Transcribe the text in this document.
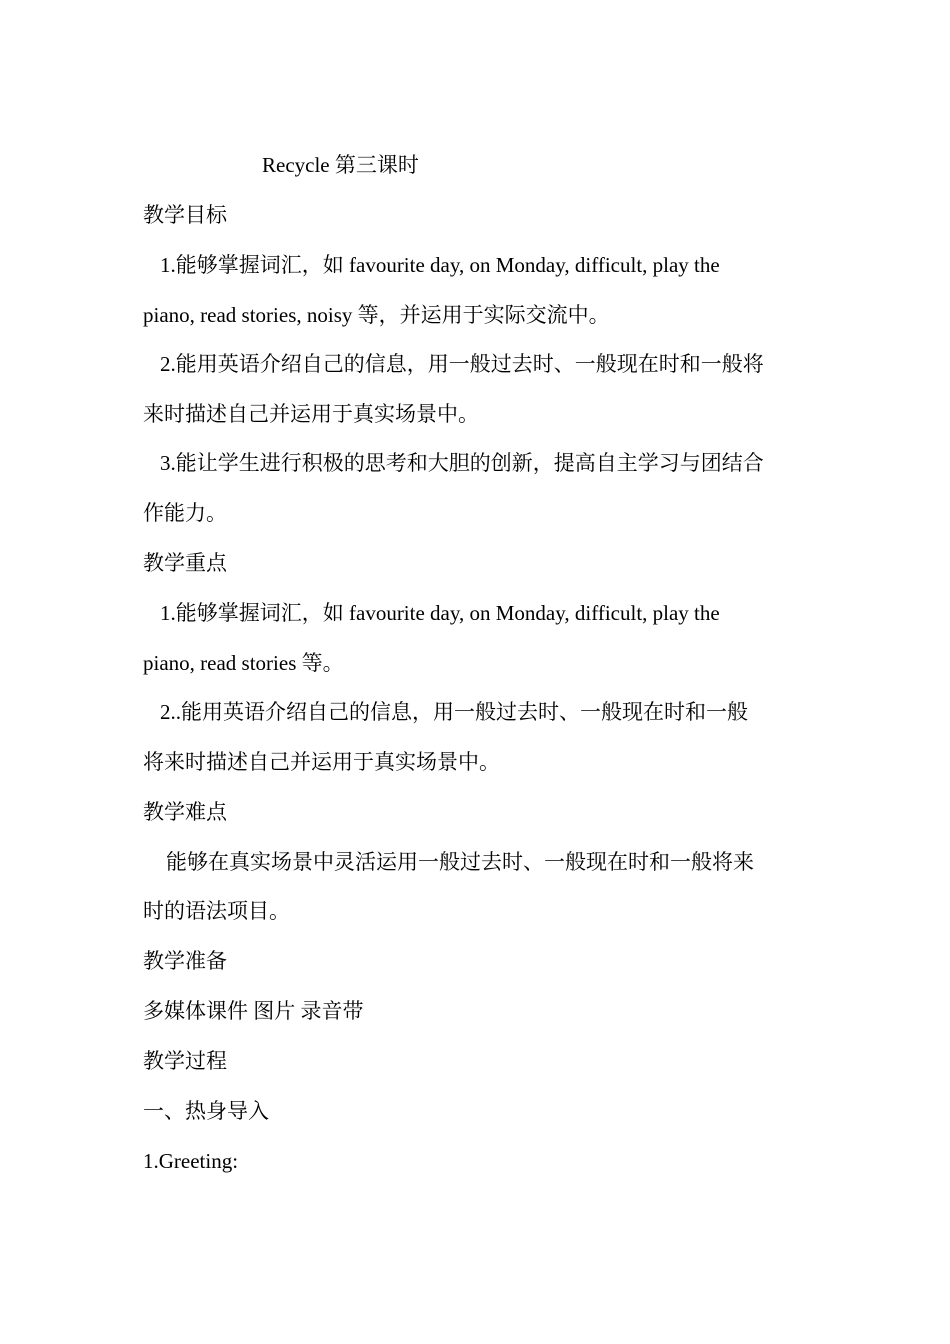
Recycle 第三课时
教学目标
1.能够掌握词汇，如 favourite day, on Monday, difficult, play the
piano, read stories, noisy 等，并运用于实际交流中。
2.能用英语介绍自己的信息，用一般过去时、一般现在时和一般将
来时描述自己并运用于真实场景中。
3.能让学生进行积极的思考和大胆的创新，提高自主学习与团结合
作能力。
教学重点
1.能够掌握词汇，如 favourite day, on Monday, difficult, play the
piano, read stories 等。
2..能用英语介绍自己的信息，用一般过去时、一般现在时和一般
将来时描述自己并运用于真实场景中。
教学难点
能够在真实场景中灵活运用一般过去时、一般现在时和一般将来
时的语法项目。
教学准备
多媒体课件 图片 录音带
教学过程
一、热身导入
1.Greeting:
